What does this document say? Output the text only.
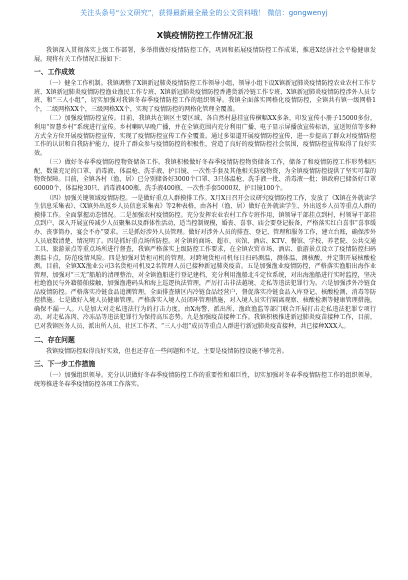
关注头条号“公文研究”，获得最新最全最全的公文资料哦！ 微信：gongwenyj
X镇疫情防控工作情况汇报

我镇深入贯彻落实上级工作部署，多举措做好疫情防控工作，巩固和拓展疫情防控工作成果，推进X经济社会平稳健康发展。现将有关工作情况汇报如下：

一、工作成效

（一）健全工作机制。我镇调整了X镇新冠肺炎疫情防控工作领导小组，领导小组下设X镇新冠肺炎疫情防控农业农村工作专班、X镇新冠肺炎疫情防控渔业渔民工作专班、X镇新冠肺炎疫情防控香港货新冷链工作专班、X镇新冠肺炎疫情防控涉外人员专班、和“三人小组”，切实加强对我镇冬春季疫情防控工作的组织领导。我镇全面落实网格化疫情防控，全镇共有镇一级网格1个，二级网格XX个，三级网格XX个，实现了疫情防控的网格化管理全覆盖。

（二）加强疫情防控宣传。目前，我镇共在镇区主要区域、各自然村悬挂宣传横幅XX多条，印发宣传小册子15000多份，利用“智慧乡村”系统进行宣传。乡村喇叭早晚广播，并在全镇范围内充分利用广播、电子显示屏播放宣传标语，宣送短信等多种方式全方位开展疫情防控宣传，实现了疫情防控宣传工作全覆盖。通过多渠道开展疫情防控宣传，进一步提高了群众对疫情防控工作的认识和自我防护能力，提升了群众参与疫情防控的积极性，营造了良好的疫情防控社会氛围，疫情防控宣传取得了良好实效。

（三）做好冬春季疫情防控物资储备工作。我镇积极做好冬春季疫情防控物资储备工作，储备了和疫情防控工作形势相匹配，数量充足的口罩、消毒液、体温枪、洗手液、护目镜、一次性手套及其他相关防疫物资，为全镇疫情防控提供了坚实可靠的物资保障。目前，全镇各村（渔、居）已分别储备好3000个口罩、3只体温枪、洗手液一批、消毒液一批；镇政府已储备好口罩60000个、体温枪30只、消毒液400瓶、洗手液400瓶、一次性手套5000双、护目镜100个。

（四）加强关键领域疫情防控。一是做好重点人群摸排工作。X月X日召开会议研究疫情防控工作，发放了《X镇在外就读学生信息采集表》、《X镇外出返乡人员信息采集表》等2种表格，由各村（渔、居）做好在外就读学生、外出返乡人员等重点人群的摸排工作。全面掌握动态情况。二是加强农村疫情防控。充分发挥农业农村工作专班作用，镇领导干部挂点到村，村领导干部挂点到户，深入开展宣传减少人员聚集以及群体性活动，适当控制规模，婚丧、喜事、庙会要登记报备，严格落实红白喜事“喜事缓办、丧事简办、宴会不办”要求。三是抓好涉外人员管理。做好对涉外人员的排查、登记、管理和服务工作，建立台账，确保涉外人员底数清楚、情况明了。四是抓好重点场所防控。对全镇的商场、超市、宾馆、酒店、KTV、餐馆、学校、养老院、公共交通工具、旅游景点等重点场所进行督查，我镇严格落实上级防控工作要求，在全镇农贸市场、酒店、旅游景点设立了疫情防控扫码测温卡点，防范疫情风险。四是加强对货柜司机的管理。对跨境货柜司机每日扫码测温，测体温，测核酸，并定期开展核酸检测。目前，全镇XX渔业公司3名货柜司机及2名管理人员已接种新冠肺炎疫苗。五是加强渔业疫情防控，严格落实渔船出海作业管理，加强对“三无”船舶的清理整治，对全镇渔船进行登记建档，充分利用渔船北斗定位系统，对出海渔船进行实时监控，坚决杜绝渔民与外籍船舶接触，加强渔港码头和海上巡逻执法管理，严厉打击非法越境、走私等违法犯罪行为。六是加强涉外冷链食品疫情防控。严格落实冷链食品追溯管理，全面排查辖区内冷链食品经营户，督促落实冷链食品入库登记、核酸检测、消毒等防控措施。七是做好入境人员健康管理。严格落实入境人员闭环管理措施，对入境人员实行隔离观察、核酸检测等健康管理措施，确保不漏一人。八是加大对走私违法行为的打击力度。由X海警、派出所、渔政渔监等部门联合开展打击走私违法犯罪专项行动，对走私冻肉、冷冻品等违法犯罪行为保持高压态势。九是加强疫苗接种工作。我镇积极推进新冠肺炎疫苗接种工作，目前，已对我镇医务人员、派出所人员、社区工作者、“三人小组”成员等重点人群进行新冠肺炎疫苗接种，共已接种XXX人。

二、存在问题

我镇疫情防控取得良好实效，但也还存在一些问题和不足，主要是疫情防控设施不够完善。

三、下一步工作措施

（一）加强组织领导。充分认识做好冬春季疫情防控工作的重要性和艰巨性，切实加强对冬春季疫情防控工作的组织领导，统筹推进冬春季疫情防控各项工作落实。
